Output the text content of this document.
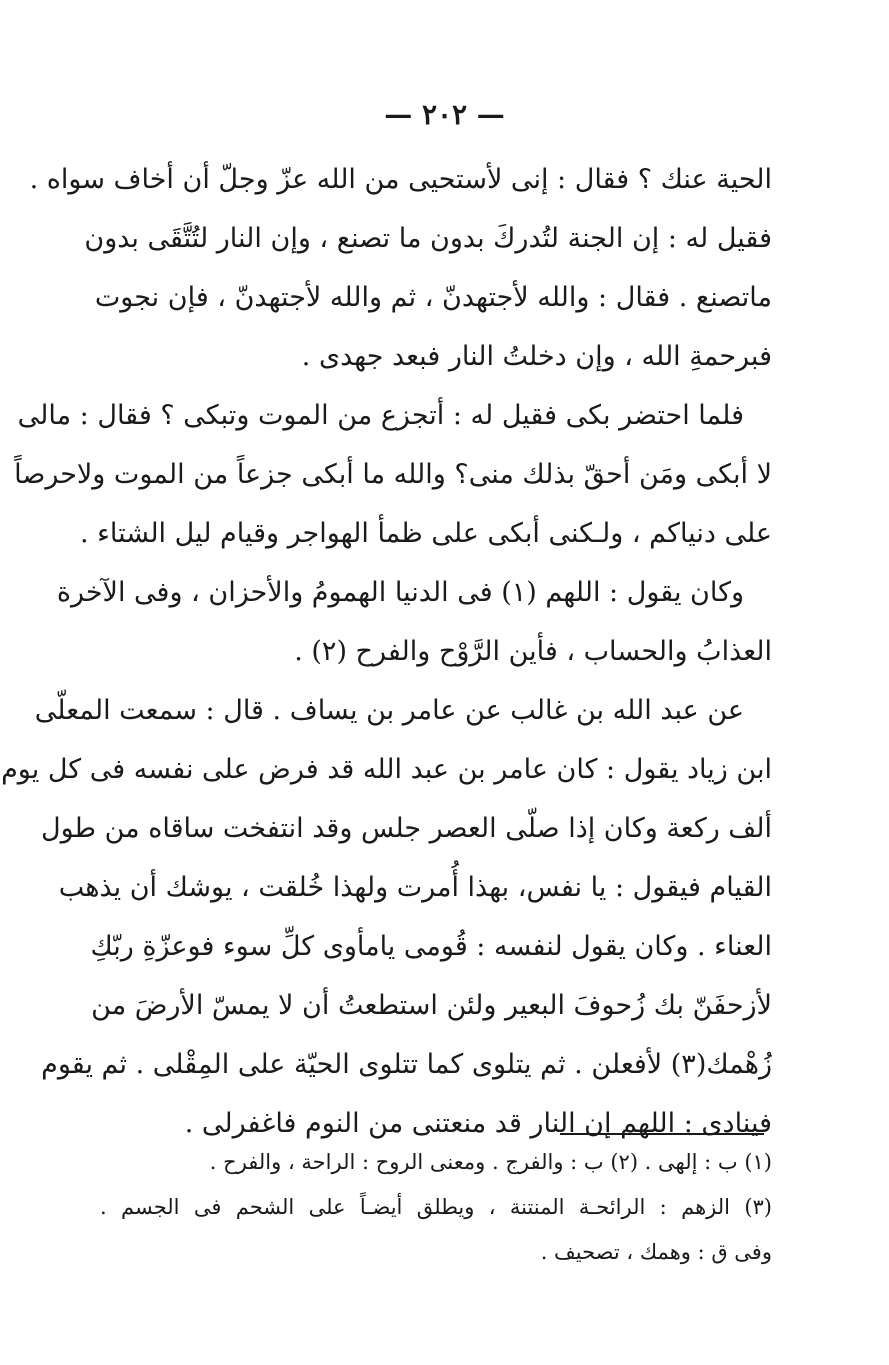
— ٢٠٢ —
الحية عنك ؟ فقال : إنى لأستحيى من الله عزّ وجلّ أن أخاف سواه .
فقيل له : إن الجنة لتُدركَ بدون ما تصنع ، وإن النار لتُتَّقَى بدون
ماتصنع . فقال : والله لأجتهدنّ ، ثم والله لأجتهدنّ ، فإن نجوت
فبرحمةِ الله ، وإن دخلتُ النار فبعد جهدى .
فلما احتضر بكى فقيل له : أتجزع من الموت وتبكى ؟ فقال : مالى
لا أبكى ومَن أحقّ بذلك منى؟ والله ما أبكى جزعاً من الموت ولاحرصاً
على دنياكم ، ولـكنى أبكى على ظمأ الهواجر وقيام ليل الشتاء .
وكان يقول : اللهم (١) فى الدنيا الهمومُ والأحزان ، وفى الآخرة
العذابُ والحساب ، فأين الرَّوْح والفرح (٢) .
عن عبد الله بن غالب عن عامر بن يساف . قال : سمعت المعلّى
ابن زياد يقول : كان عامر بن عبد الله قد فرض على نفسه فى كل يوم
ألف ركعة وكان إذا صلّى العصر جلس وقد انتفخت ساقاه من طول
القيام فيقول : يا نفس، بهذا أُمرت ولهذا خُلقت ، يوشك أن يذهب
العناء . وكان يقول لنفسه : قُومى يامأوى كلِّ سوء فوعزّةِ ربّكِ
لأزحفَنّ بك زُحوفَ البعير ولئن استطعتُ أن لا يمسّ الأرضَ من
زُهْمك(٣) لأفعلن . ثم يتلوى كما تتلوى الحيّة على المِقْلى . ثم يقوم
فينادى : اللهم إن النار قد منعتنى من النوم فاغفرلى .
(١) ب : إلهى . (٢) ب : والفرج . ومعنى الروح : الراحة ، والفرح .
(٣) الزهم : الرائحـة المنتنة ، ويطلق أيضـاً على الشحم فى الجسم .
وفى ق : وهمك ، تصحيف .
